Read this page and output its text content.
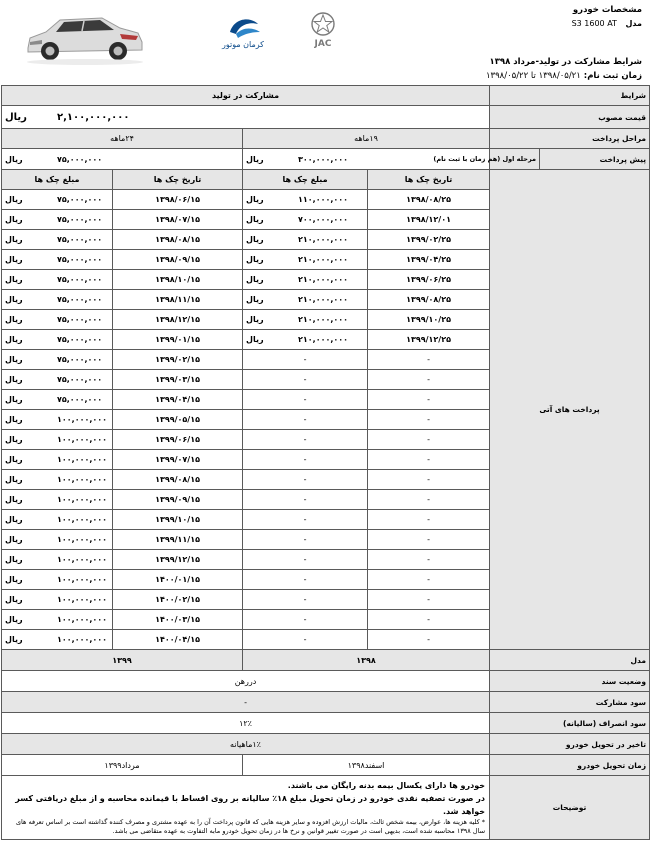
مشخصات خودرو
مدل S3 1600 AT
کرمان موتور	JAC
شرایط مشارکت در تولید-مرداد ۱۳۹۸
زمان ثبت نام: ۱۳۹۸/۰۵/۲۱ تا ۱۳۹۸/۰۵/۲۲
شرایط		مشارکت در تولید			
قیمت مصوب		ریال ۲,۱۰۰,۰۰۰,۰۰۰			
مراحل پرداخت		۱۹ماهه		۲۴ماهه	
پیش پرداخت	مرحله اول (هم زمان با ثبت نام)	ریال ۳۰۰,۰۰۰,۰۰۰		ریال ۷۵,۰۰۰,۰۰۰	
پرداخت های آتی		تاریخ چک ها	مبلغ چک ها	تاریخ چک ها	مبلغ چک ها
		۱۳۹۸/۰۸/۲۵	ریال ۱۱۰,۰۰۰,۰۰۰	۱۳۹۸/۰۶/۱۵	ریال ۷۵,۰۰۰,۰۰۰
		۱۳۹۸/۱۲/۰۱	ریال ۷۰۰,۰۰۰,۰۰۰	۱۳۹۸/۰۷/۱۵	ریال ۷۵,۰۰۰,۰۰۰
		۱۳۹۹/۰۲/۲۵	ریال ۲۱۰,۰۰۰,۰۰۰	۱۳۹۸/۰۸/۱۵	ریال ۷۵,۰۰۰,۰۰۰
		۱۳۹۹/۰۴/۲۵	ریال ۲۱۰,۰۰۰,۰۰۰	۱۳۹۸/۰۹/۱۵	ریال ۷۵,۰۰۰,۰۰۰
		۱۳۹۹/۰۶/۲۵	ریال ۲۱۰,۰۰۰,۰۰۰	۱۳۹۸/۱۰/۱۵	ریال ۷۵,۰۰۰,۰۰۰
		۱۳۹۹/۰۸/۲۵	ریال ۲۱۰,۰۰۰,۰۰۰	۱۳۹۸/۱۱/۱۵	ریال ۷۵,۰۰۰,۰۰۰
		۱۳۹۹/۱۰/۲۵	ریال ۲۱۰,۰۰۰,۰۰۰	۱۳۹۸/۱۲/۱۵	ریال ۷۵,۰۰۰,۰۰۰
		۱۳۹۹/۱۲/۲۵	ریال ۲۱۰,۰۰۰,۰۰۰	۱۳۹۹/۰۱/۱۵	ریال ۷۵,۰۰۰,۰۰۰
		-	-	۱۳۹۹/۰۲/۱۵	ریال ۷۵,۰۰۰,۰۰۰
		-	-	۱۳۹۹/۰۳/۱۵	ریال ۷۵,۰۰۰,۰۰۰
		-	-	۱۳۹۹/۰۴/۱۵	ریال ۷۵,۰۰۰,۰۰۰
		-	-	۱۳۹۹/۰۵/۱۵	ریال ۱۰۰,۰۰۰,۰۰۰
		-	-	۱۳۹۹/۰۶/۱۵	ریال ۱۰۰,۰۰۰,۰۰۰
		-	-	۱۳۹۹/۰۷/۱۵	ریال ۱۰۰,۰۰۰,۰۰۰
		-	-	۱۳۹۹/۰۸/۱۵	ریال ۱۰۰,۰۰۰,۰۰۰
		-	-	۱۳۹۹/۰۹/۱۵	ریال ۱۰۰,۰۰۰,۰۰۰
		-	-	۱۳۹۹/۱۰/۱۵	ریال ۱۰۰,۰۰۰,۰۰۰
		-	-	۱۳۹۹/۱۱/۱۵	ریال ۱۰۰,۰۰۰,۰۰۰
		-	-	۱۳۹۹/۱۲/۱۵	ریال ۱۰۰,۰۰۰,۰۰۰
		-	-	۱۴۰۰/۰۱/۱۵	ریال ۱۰۰,۰۰۰,۰۰۰
		-	-	۱۴۰۰/۰۲/۱۵	ریال ۱۰۰,۰۰۰,۰۰۰
		-	-	۱۴۰۰/۰۳/۱۵	ریال ۱۰۰,۰۰۰,۰۰۰
		-	-	۱۴۰۰/۰۴/۱۵	ریال ۱۰۰,۰۰۰,۰۰۰
مدل		۱۳۹۸		۱۳۹۹	
وضعیت سند		دررهن			
سود مشارکت		-			
سود انصراف (سالیانه)		۱۲٪			
تاخیر در تحویل خودرو		۱٪ماهیانه			
زمان تحویل خودرو		اسفند۱۳۹۸		مرداد۱۳۹۹	
توضیحات		خودرو ها دارای یکسال بیمه بدنه رایگان می باشند.
در صورت تصفیه نقدی خودرو در زمان تحویل مبلغ ۱۸٪ سالیانه بر روی اقساط با قیمانده محاسبه و از مبلغ دریافتی کسر خواهد شد.
* کلیه هزینه ها، عوارض، بیمه شخص ثالث، مالیات ارزش افزوده و سایر هزینه هایی که قانون پرداخت آن را به عهده مشتری و مصرف کننده گذاشته است بر اساس تعرفه های سال ۱۳۹۸ محاسبه شده است، بدیهی است در صورت تغییر قوانین و نرخ ها در زمان تحویل خودرو مابه التفاوت به عهده متقاضی می باشد.			
